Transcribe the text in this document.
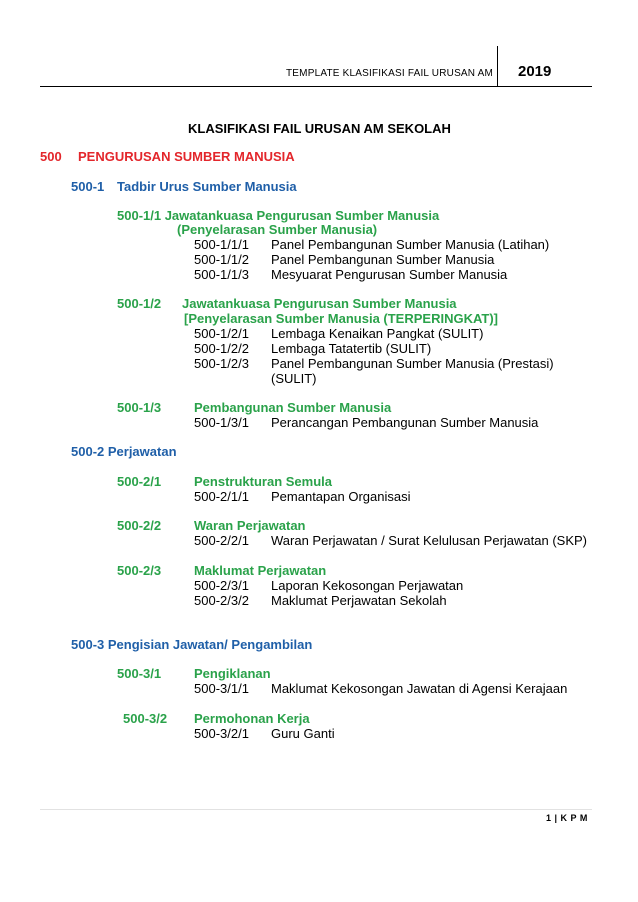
TEMPLATE KLASIFIKASI FAIL URUSAN AM 2019
KLASIFIKASI FAIL URUSAN AM SEKOLAH
500 PENGURUSAN SUMBER MANUSIA
500-1 Tadbir Urus Sumber Manusia
500-1/1 Jawatankuasa Pengurusan Sumber Manusia
(Penyelarasan Sumber Manusia)
500-1/1/1 Panel Pembangunan Sumber Manusia (Latihan)
500-1/1/2 Panel Pembangunan Sumber Manusia
500-1/1/3 Mesyuarat Pengurusan Sumber Manusia
500-1/2 Jawatankuasa Pengurusan Sumber Manusia
[Penyelarasan Sumber Manusia (TERPERINGKAT)]
500-1/2/1 Lembaga Kenaikan Pangkat (SULIT)
500-1/2/2 Lembaga Tatatertib (SULIT)
500-1/2/3 Panel Pembangunan Sumber Manusia (Prestasi)
(SULIT)
500-1/3	Pembangunan Sumber Manusia
500-1/3/1 Perancangan Pembangunan Sumber Manusia
500-2 Perjawatan
500-2/1	Penstrukturan Semula
500-2/1/1 Pemantapan Organisasi
500-2/2	Waran Perjawatan
500-2/2/1 Waran Perjawatan / Surat Kelulusan Perjawatan (SKP)
500-2/3	Maklumat Perjawatan
500-2/3/1 Laporan Kekosongan Perjawatan
500-2/3/2 Maklumat Perjawatan Sekolah
500-3 Pengisian Jawatan/ Pengambilan
500-3/1	Pengiklanan
500-3/1/1 Maklumat Kekosongan Jawatan di Agensi Kerajaan
500-3/2 Permohonan Kerja
500-3/2/1 Guru Ganti
1 | K P M
